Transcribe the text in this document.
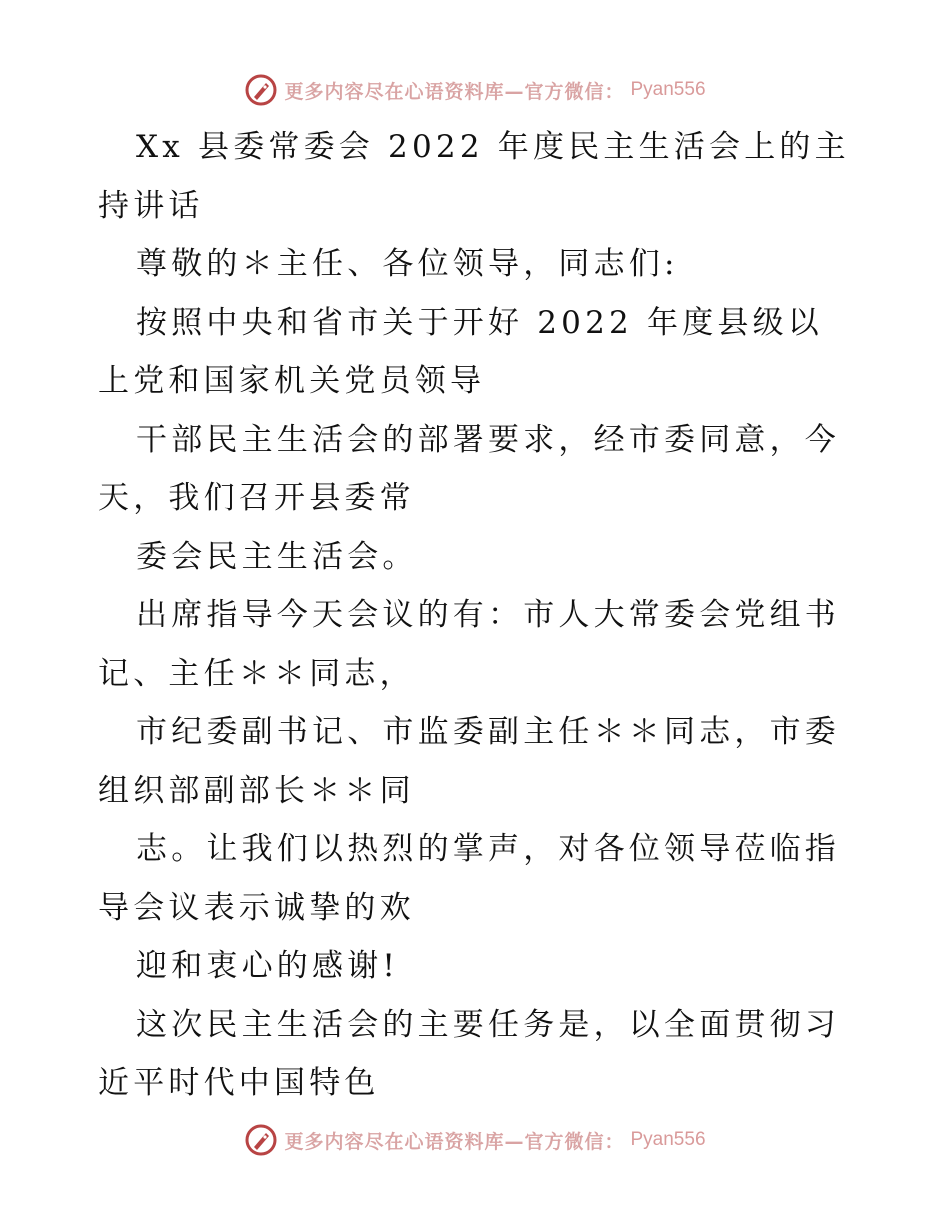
更多内容尽在心语资料库—官方微信： Pyan556

Xx 县委常委会 2022 年度民主生活会上的主持讲话

尊敬的＊主任、各位领导，同志们:

按照中央和省市关于开好 2022 年度县级以上党和国家机关党员领导

干部民主生活会的部署要求，经市委同意，今天，我们召开县委常

委会民主生活会。

出席指导今天会议的有：市人大常委会党组书记、主任＊＊同志，

市纪委副书记、市监委副主任＊＊同志，市委组织部副部长＊＊同

志。让我们以热烈的掌声，对各位领导莅临指导会议表示诚挚的欢

迎和衷心的感谢!

这次民主生活会的主要任务是，以全面贯彻习近平时代中国特色

更多内容尽在心语资料库—官方微信： Pyan556
